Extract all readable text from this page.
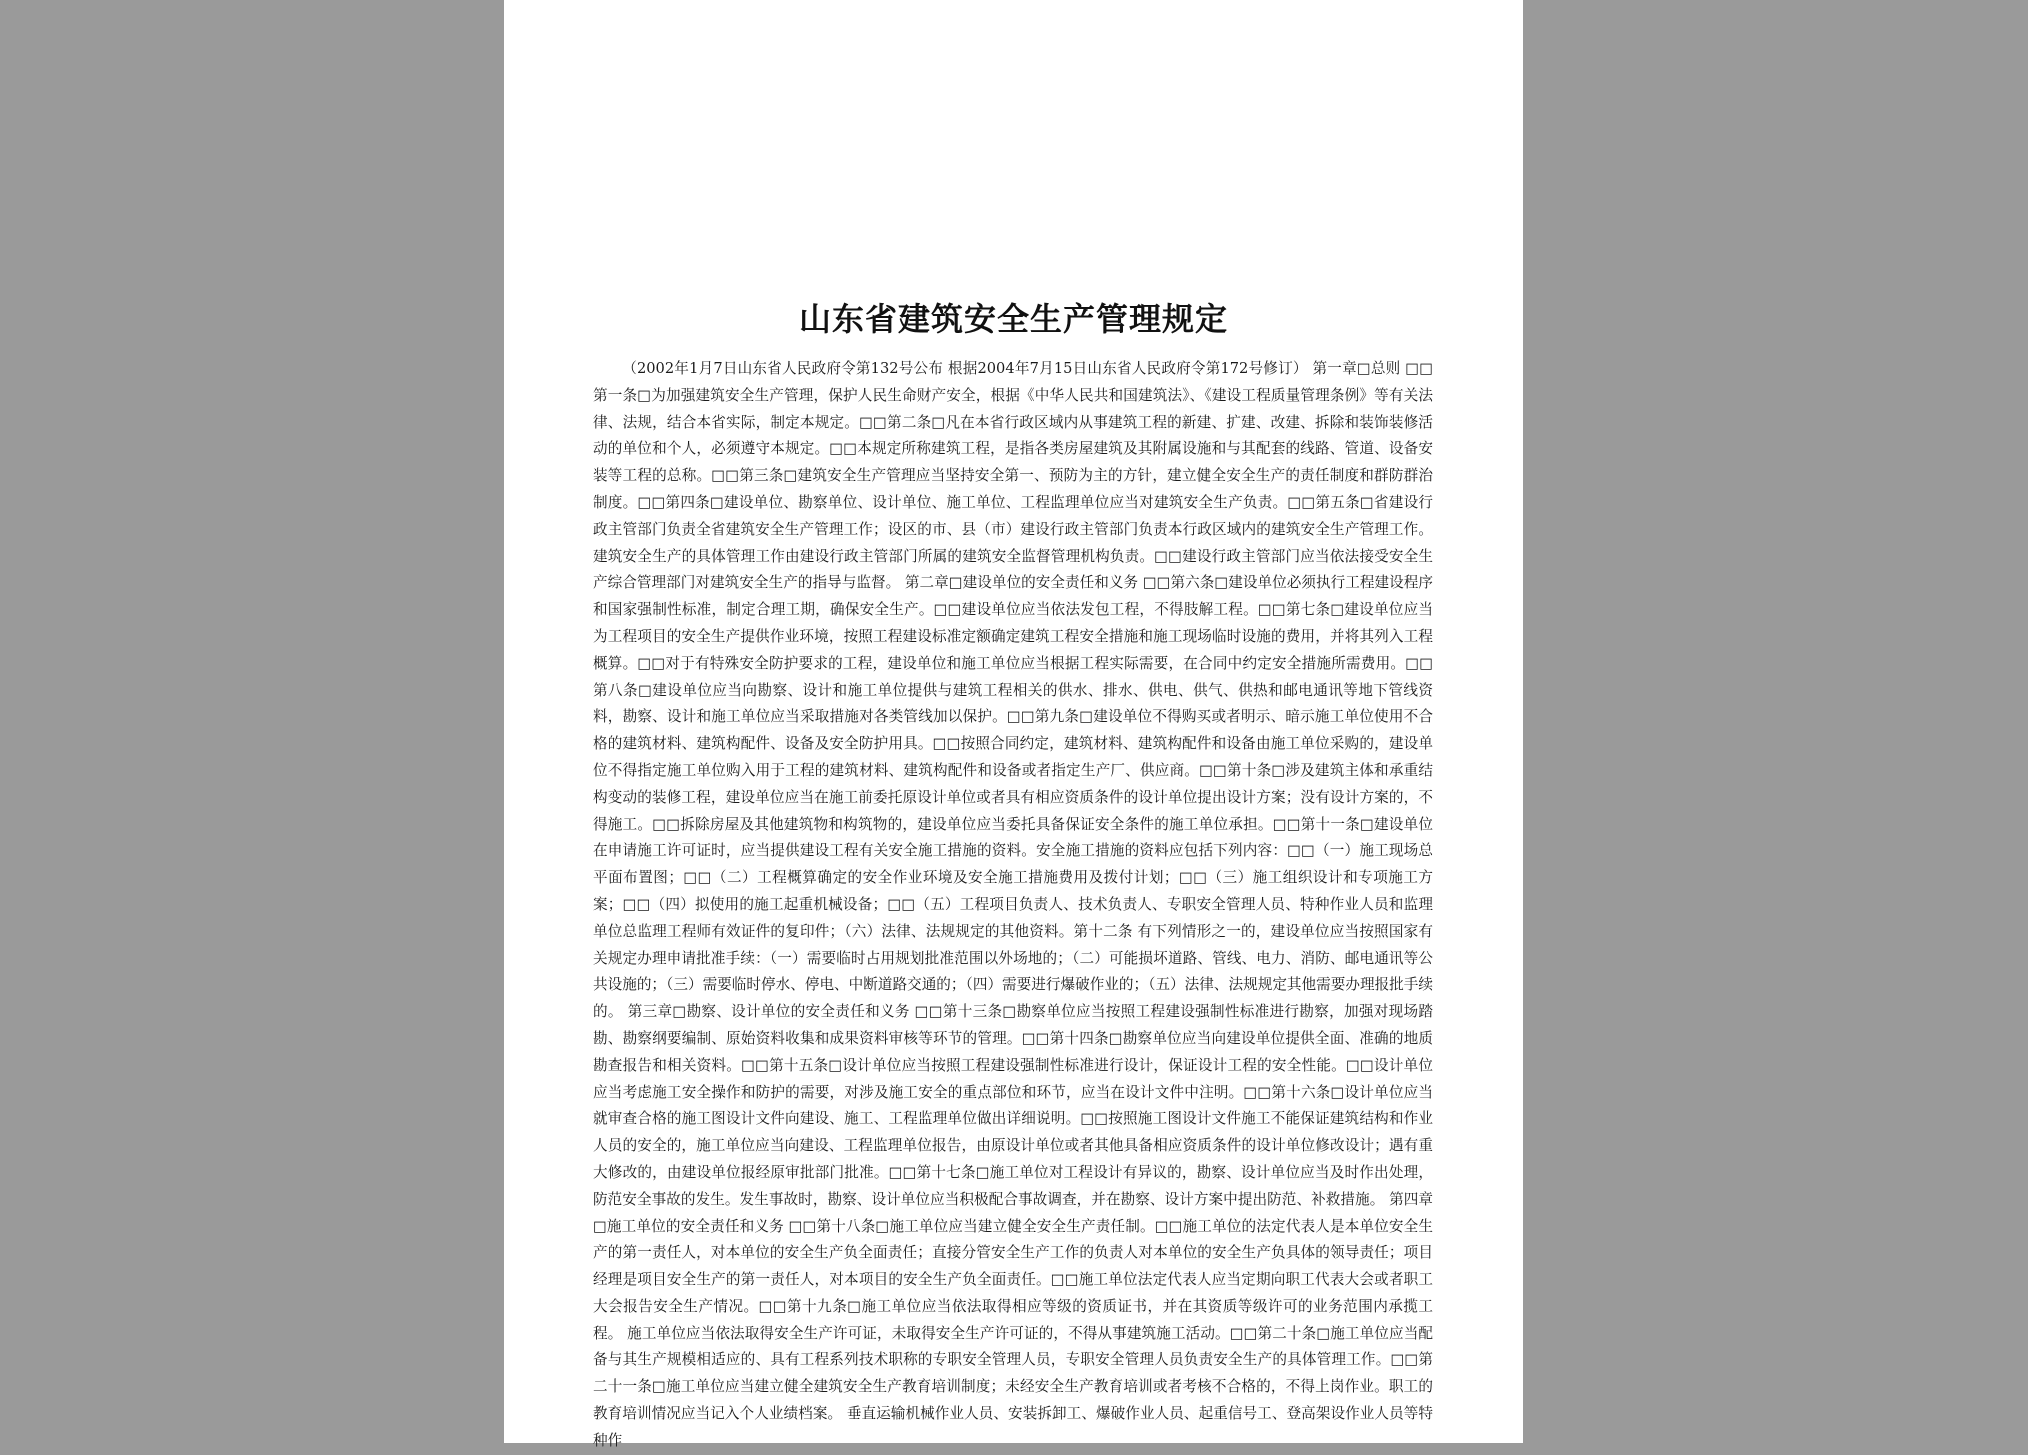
山东省建筑安全生产管理规定

（2002年1月7日山东省人民政府令第132号公布 根据2004年7月15日山东省人民政府令第172号修订） 第一章□总则 □□第一条□为加强建筑安全生产管理，保护人民生命财产安全，根据《中华人民共和国建筑法》、《建设工程质量管理条例》等有关法律、法规，结合本省实际，制定本规定。□□第二条□凡在本省行政区域内从事建筑工程的新建、扩建、改建、拆除和装饰装修活动的单位和个人，必须遵守本规定。□□本规定所称建筑工程，是指各类房屋建筑及其附属设施和与其配套的线路、管道、设备安装等工程的总称。□□第三条□建筑安全生产管理应当坚持安全第一、预防为主的方针，建立健全安全生产的责任制度和群防群治制度。□□第四条□建设单位、勘察单位、设计单位、施工单位、工程监理单位应当对建筑安全生产负责。□□第五条□省建设行政主管部门负责全省建筑安全生产管理工作；设区的市、县（市）建设行政主管部门负责本行政区域内的建筑安全生产管理工作。建筑安全生产的具体管理工作由建设行政主管部门所属的建筑安全监督管理机构负责。□□建设行政主管部门应当依法接受安全生产综合管理部门对建筑安全生产的指导与监督。 第二章□建设单位的安全责任和义务 □□第六条□建设单位必须执行工程建设程序和国家强制性标准，制定合理工期，确保安全生产。□□建设单位应当依法发包工程，不得肢解工程。□□第七条□建设单位应当为工程项目的安全生产提供作业环境，按照工程建设标准定额确定建筑工程安全措施和施工现场临时设施的费用，并将其列入工程概算。□□对于有特殊安全防护要求的工程，建设单位和施工单位应当根据工程实际需要，在合同中约定安全措施所需费用。□□第八条□建设单位应当向勘察、设计和施工单位提供与建筑工程相关的供水、排水、供电、供气、供热和邮电通讯等地下管线资料，勘察、设计和施工单位应当采取措施对各类管线加以保护。□□第九条□建设单位不得购买或者明示、暗示施工单位使用不合格的建筑材料、建筑构配件、设备及安全防护用具。□□按照合同约定，建筑材料、建筑构配件和设备由施工单位采购的，建设单位不得指定施工单位购入用于工程的建筑材料、建筑构配件和设备或者指定生产厂、供应商。□□第十条□涉及建筑主体和承重结构变动的装修工程，建设单位应当在施工前委托原设计单位或者具有相应资质条件的设计单位提出设计方案；没有设计方案的，不得施工。□□拆除房屋及其他建筑物和构筑物的，建设单位应当委托具备保证安全条件的施工单位承担。□□第十一条□建设单位在申请施工许可证时，应当提供建设工程有关安全施工措施的资料。安全施工措施的资料应包括下列内容：□□（一）施工现场总平面布置图；□□（二）工程概算确定的安全作业环境及安全施工措施费用及拨付计划；□□（三）施工组织设计和专项施工方案；□□（四）拟使用的施工起重机械设备；□□（五）工程项目负责人、技术负责人、专职安全管理人员、特种作业人员和监理单位总监理工程师有效证件的复印件；（六）法律、法规规定的其他资料。第十二条 有下列情形之一的，建设单位应当按照国家有关规定办理申请批准手续：（一）需要临时占用规划批准范围以外场地的；（二）可能损坏道路、管线、电力、消防、邮电通讯等公共设施的；（三）需要临时停水、停电、中断道路交通的；（四）需要进行爆破作业的；（五）法律、法规规定其他需要办理报批手续的。 第三章□勘察、设计单位的安全责任和义务 □□第十三条□勘察单位应当按照工程建设强制性标准进行勘察，加强对现场踏勘、勘察纲要编制、原始资料收集和成果资料审核等环节的管理。□□第十四条□勘察单位应当向建设单位提供全面、准确的地质勘查报告和相关资料。□□第十五条□设计单位应当按照工程建设强制性标准进行设计，保证设计工程的安全性能。□□设计单位应当考虑施工安全操作和防护的需要，对涉及施工安全的重点部位和环节，应当在设计文件中注明。□□第十六条□设计单位应当就审查合格的施工图设计文件向建设、施工、工程监理单位做出详细说明。□□按照施工图设计文件施工不能保证建筑结构和作业人员的安全的，施工单位应当向建设、工程监理单位报告，由原设计单位或者其他具备相应资质条件的设计单位修改设计；遇有重大修改的，由建设单位报经原审批部门批准。□□第十七条□施工单位对工程设计有异议的，勘察、设计单位应当及时作出处理，防范安全事故的发生。发生事故时，勘察、设计单位应当积极配合事故调查，并在勘察、设计方案中提出防范、补救措施。 第四章□施工单位的安全责任和义务 □□第十八条□施工单位应当建立健全安全生产责任制。□□施工单位的法定代表人是本单位安全生产的第一责任人，对本单位的安全生产负全面责任；直接分管安全生产工作的负责人对本单位的安全生产负具体的领导责任；项目经理是项目安全生产的第一责任人，对本项目的安全生产负全面责任。□□施工单位法定代表人应当定期向职工代表大会或者职工大会报告安全生产情况。□□第十九条□施工单位应当依法取得相应等级的资质证书，并在其资质等级许可的业务范围内承揽工程。 施工单位应当依法取得安全生产许可证，未取得安全生产许可证的，不得从事建筑施工活动。□□第二十条□施工单位应当配备与其生产规模相适应的、具有工程系列技术职称的专职安全管理人员，专职安全管理人员负责安全生产的具体管理工作。□□第二十一条□施工单位应当建立健全建筑安全生产教育培训制度；未经安全生产教育培训或者考核不合格的，不得上岗作业。职工的教育培训情况应当记入个人业绩档案。 垂直运输机械作业人员、安装拆卸工、爆破作业人员、起重信号工、登高架设作业人员等特种作
